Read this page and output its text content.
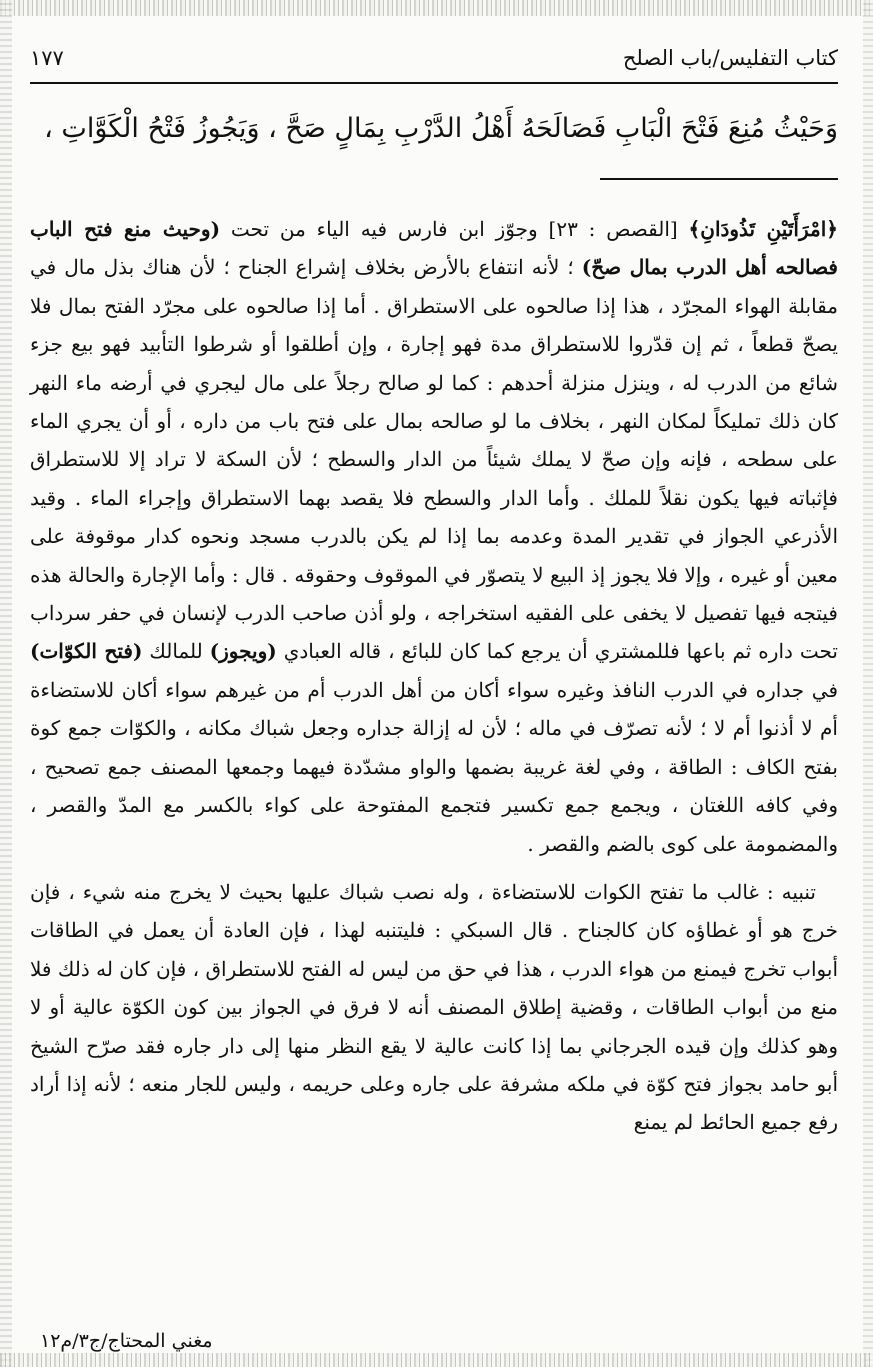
كتاب التفليس/باب الصلح
١٧٧
وَحَيْثُ مُنِعَ فَتْحَ الْبَابِ فَصَالَحَهُ أَهْلُ الدَّرْبِ بِمَالٍ صَحَّ ، وَيَجُوزُ فَتْحُ الْكَوَّاتِ ،

﴿امْرَأَتَيْنِ تَذُودَانِ﴾ [القصص : ٢٣] وجوّز ابن فارس فيه الياء من تحت (وحيث منع فتح الباب فصالحه أهل الدرب بمال صحّ) ؛ لأنه انتفاع بالأرض بخلاف إشراع الجناح ؛ لأن هناك بذل مال في مقابلة الهواء المجرّد ، هذا إذا صالحوه على الاستطراق . أما إذا صالحوه على مجرّد الفتح بمال فلا يصحّ قطعاً ، ثم إن قدّروا للاستطراق مدة فهو إجارة ، وإن أطلقوا أو شرطوا التأبيد فهو بيع جزء شائع من الدرب له ، وينزل منزلة أحدهم : كما لو صالح رجلاً على مال ليجري في أرضه ماء النهر كان ذلك تمليكاً لمكان النهر ، بخلاف ما لو صالحه بمال على فتح باب من داره ، أو أن يجري الماء على سطحه ، فإنه وإن صحّ لا يملك شيئاً من الدار والسطح ؛ لأن السكة لا تراد إلا للاستطراق فإثباته فيها يكون نقلاً للملك . وأما الدار والسطح فلا يقصد بهما الاستطراق وإجراء الماء . وقيد الأذرعي الجواز في تقدير المدة وعدمه بما إذا لم يكن بالدرب مسجد ونحوه كدار موقوفة على معين أو غيره ، وإلا فلا يجوز إذ البيع لا يتصوّر في الموقوف وحقوقه . قال : وأما الإجارة والحالة هذه فيتجه فيها تفصيل لا يخفى على الفقيه استخراجه ، ولو أذن صاحب الدرب لإنسان في حفر سرداب تحت داره ثم باعها فللمشتري أن يرجع كما كان للبائع ، قاله العبادي (ويجوز) للمالك (فتح الكوّات) في جداره في الدرب النافذ وغيره سواء أكان من أهل الدرب أم من غيرهم سواء أكان للاستضاءة أم لا أذنوا أم لا ؛ لأنه تصرّف في ماله ؛ لأن له إزالة جداره وجعل شباك مكانه ، والكوّات جمع كوة بفتح الكاف : الطاقة ، وفي لغة غريبة بضمها والواو مشدّدة فيهما وجمعها المصنف جمع تصحيح ، وفي كافه اللغتان ، ويجمع جمع تكسير فتجمع المفتوحة على كواء بالكسر مع المدّ والقصر ، والمضمومة على كوى بالضم والقصر .

تنبيه : غالب ما تفتح الكوات للاستضاءة ، وله نصب شباك عليها بحيث لا يخرج منه شيء ، فإن خرج هو أو غطاؤه كان كالجناح . قال السبكي : فليتنبه لهذا ، فإن العادة أن يعمل في الطاقات أبواب تخرج فيمنع من هواء الدرب ، هذا في حق من ليس له الفتح للاستطراق ، فإن كان له ذلك فلا منع من أبواب الطاقات ، وقضية إطلاق المصنف أنه لا فرق في الجواز بين كون الكوّة عالية أو لا وهو كذلك وإن قيده الجرجاني بما إذا كانت عالية لا يقع النظر منها إلى دار جاره فقد صرّح الشيخ أبو حامد بجواز فتح كوّة في ملكه مشرفة على جاره وعلى حريمه ، وليس للجار منعه ؛ لأنه إذا أراد رفع جميع الحائط لم يمنع

مغني المحتاج/ج٣/م١٢
